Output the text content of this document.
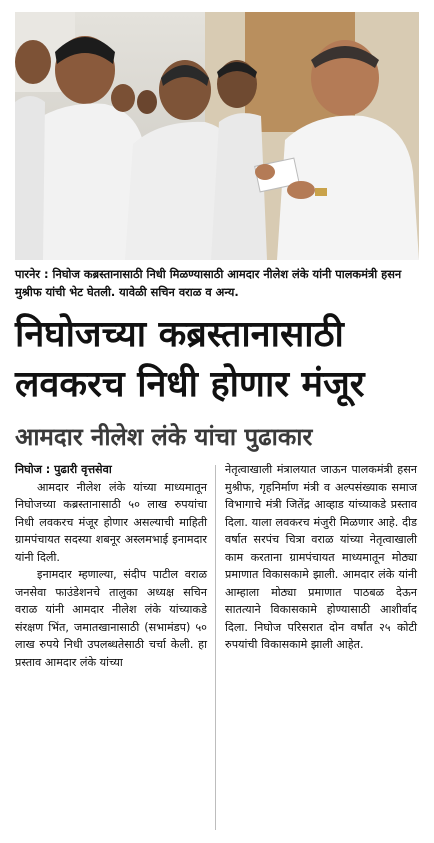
पारनेर : निघोज कब्रस्तानासाठी निधी मिळण्यासाठी आमदार नीलेश लंके यांनी पालकमंत्री हसन मुश्रीफ यांची भेट घेतली. यावेळी सचिन वराळ व अन्य.
निघोजच्या कब्रस्तानासाठी
लवकरच निधी होणार मंजूर
आमदार नीलेश लंके यांचा पुढाकार

निघोज : पुढारी वृत्तसेवा

आमदार नीलेश लंके यांच्या माध्यमातून निघोजच्या कब्रस्तानासाठी ५० लाख रुपयांचा निधी लवकरच मंजूर होणार असल्याची माहिती ग्रामपंचायत सदस्या शबनूर अस्लमभाई इनामदार यांनी दिली.

इनामदार म्हणाल्या, संदीप पाटील वराळ जनसेवा फाउंडेशनचे तालुका अध्यक्ष सचिन वराळ यांनी आमदार नीलेश लंके यांच्याकडे संरक्षण भिंत, जमातखानासाठी (सभामंडप) ५० लाख रुपये निधी उपलब्धतेसाठी चर्चा केली. हा प्रस्ताव आमदार लंके यांच्या

नेतृत्वाखाली मंत्रालयात जाऊन पालकमंत्री हसन मुश्रीफ, गृहनिर्माण मंत्री व अल्पसंख्याक समाज विभागाचे मंत्री जितेंद्र आव्हाड यांच्याकडे प्रस्ताव दिला. याला लवकरच मंजुरी मिळणार आहे. दीड वर्षात सरपंच चित्रा वराळ यांच्या नेतृत्वाखाली काम करताना ग्रामपंचायत माध्यमातून मोठ्या प्रमाणात विकासकामे झाली. आमदार लंके यांनी आम्हाला मोठ्या प्रमाणात पाठबळ देऊन सातत्याने विकासकामे होण्यासाठी आशीर्वाद दिला. निघोज परिसरात दोन वर्षांत २५ कोटी रुपयांची विकासकामे झाली आहेत.
